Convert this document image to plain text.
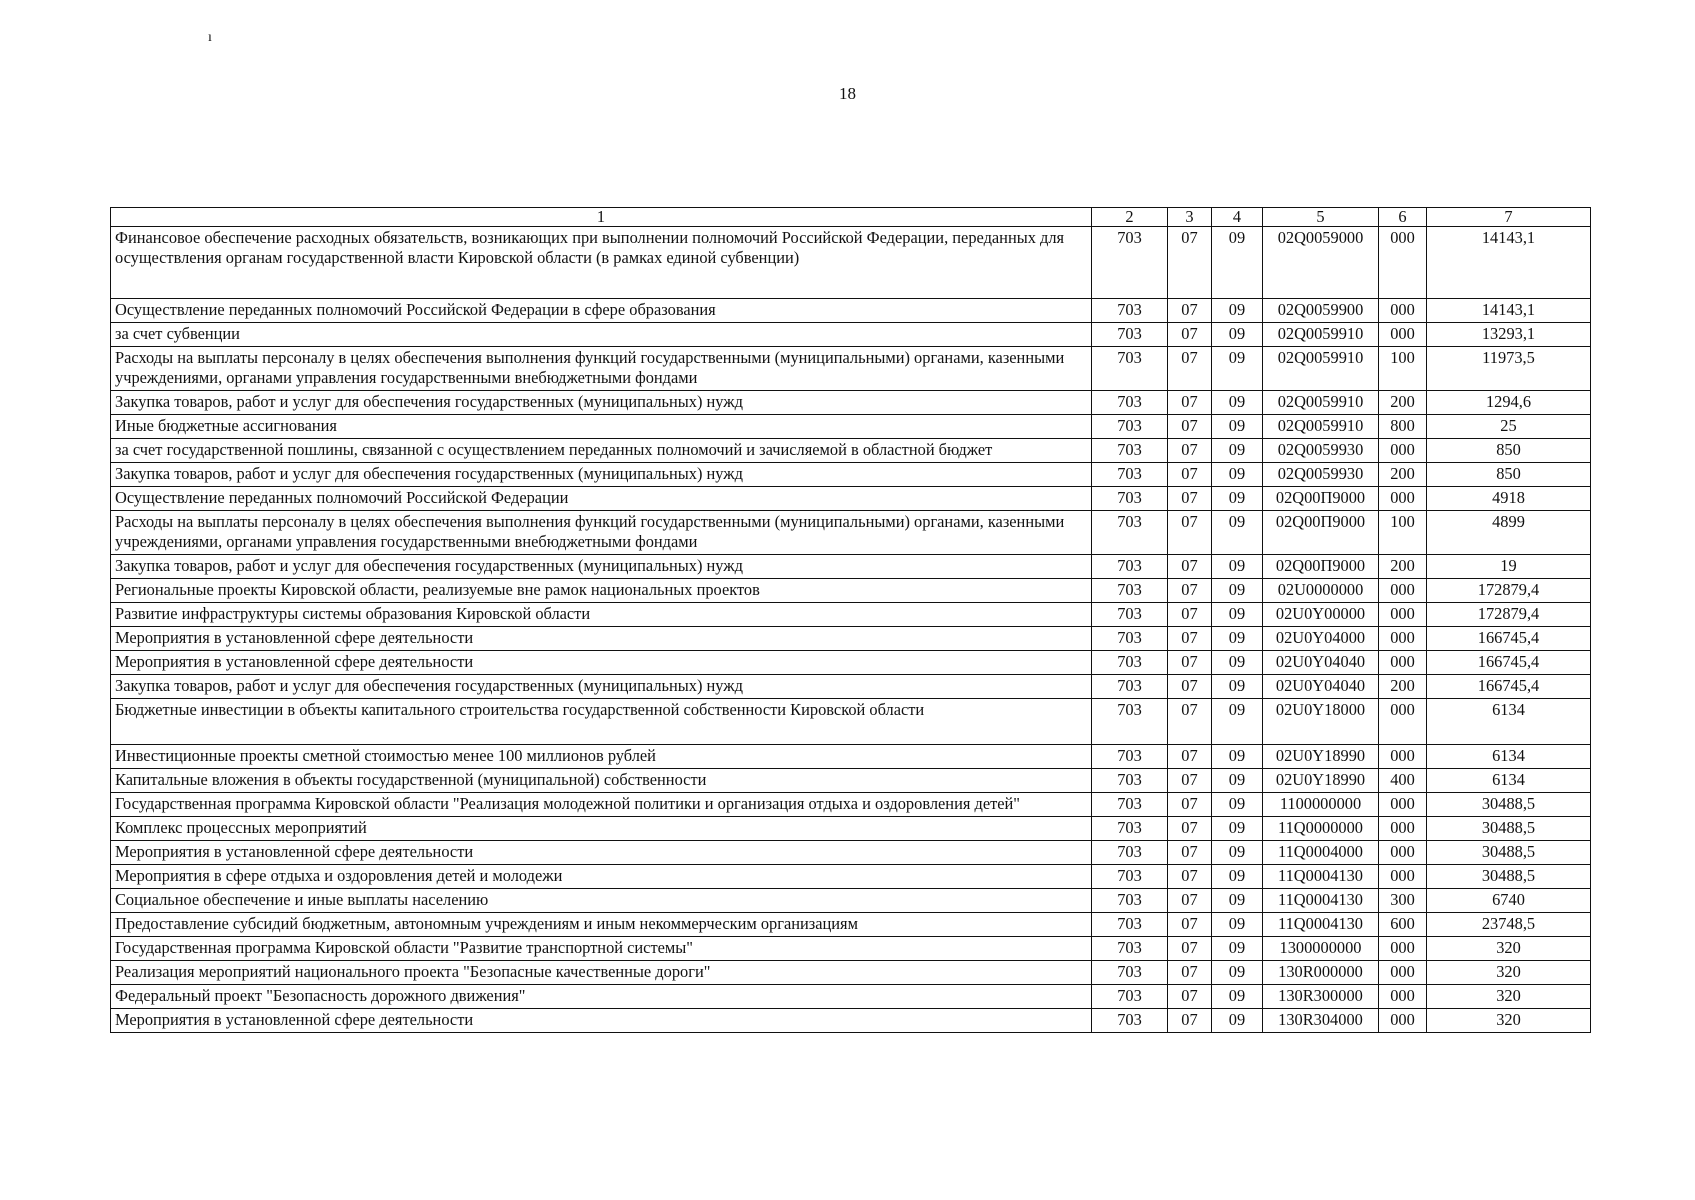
ı
18
1	2	3	4	5	6	7
Финансовое обеспечение расходных обязательств, возникающих при выполнении полномочий Российской Федерации, переданных для осуществления органам государственной власти Кировской области (в рамках единой субвенции)	703	07	09	02Q0059000	000	14143,1
Осуществление переданных полномочий Российской Федерации в сфере образования	703	07	09	02Q0059900	000	14143,1
за счет субвенции	703	07	09	02Q0059910	000	13293,1
Расходы на выплаты персоналу в целях обеспечения выполнения функций государственными (муниципальными) органами, казенными учреждениями, органами управления государственными внебюджетными фондами	703	07	09	02Q0059910	100	11973,5
Закупка товаров, работ и услуг для обеспечения государственных (муниципальных) нужд	703	07	09	02Q0059910	200	1294,6
Иные бюджетные ассигнования	703	07	09	02Q0059910	800	25
за счет государственной пошлины, связанной с осуществлением переданных полномочий и зачисляемой в областной бюджет	703	07	09	02Q0059930	000	850
Закупка товаров, работ и услуг для обеспечения государственных (муниципальных) нужд	703	07	09	02Q0059930	200	850
Осуществление переданных полномочий Российской Федерации	703	07	09	02Q00П9000	000	4918
Расходы на выплаты персоналу в целях обеспечения выполнения функций государственными (муниципальными) органами, казенными учреждениями, органами управления государственными внебюджетными фондами	703	07	09	02Q00П9000	100	4899
Закупка товаров, работ и услуг для обеспечения государственных (муниципальных) нужд	703	07	09	02Q00П9000	200	19
Региональные проекты Кировской области, реализуемые вне рамок национальных проектов	703	07	09	02U0000000	000	172879,4
Развитие инфраструктуры системы образования Кировской области	703	07	09	02U0Y00000	000	172879,4
Мероприятия в установленной сфере деятельности	703	07	09	02U0Y04000	000	166745,4
Мероприятия в установленной сфере деятельности	703	07	09	02U0Y04040	000	166745,4
Закупка товаров, работ и услуг для обеспечения государственных (муниципальных) нужд	703	07	09	02U0Y04040	200	166745,4
Бюджетные инвестиции в объекты капитального строительства государственной собственности Кировской области	703	07	09	02U0Y18000	000	6134
Инвестиционные проекты сметной стоимостью менее 100 миллионов рублей	703	07	09	02U0Y18990	000	6134
Капитальные вложения в объекты государственной (муниципальной) собственности	703	07	09	02U0Y18990	400	6134
Государственная программа Кировской области "Реализация молодежной политики и организация отдыха и оздоровления детей"	703	07	09	1100000000	000	30488,5
Комплекс процессных мероприятий	703	07	09	11Q0000000	000	30488,5
Мероприятия в установленной сфере деятельности	703	07	09	11Q0004000	000	30488,5
Мероприятия в сфере отдыха и оздоровления детей и молодежи	703	07	09	11Q0004130	000	30488,5
Социальное обеспечение и иные выплаты населению	703	07	09	11Q0004130	300	6740
Предоставление субсидий бюджетным, автономным учреждениям и иным некоммерческим организациям	703	07	09	11Q0004130	600	23748,5
Государственная программа Кировской области "Развитие транспортной системы"	703	07	09	1300000000	000	320
Реализация мероприятий национального проекта "Безопасные качественные дороги"	703	07	09	130R000000	000	320
Федеральный проект "Безопасность дорожного движения"	703	07	09	130R300000	000	320
Мероприятия в установленной сфере деятельности	703	07	09	130R304000	000	320
